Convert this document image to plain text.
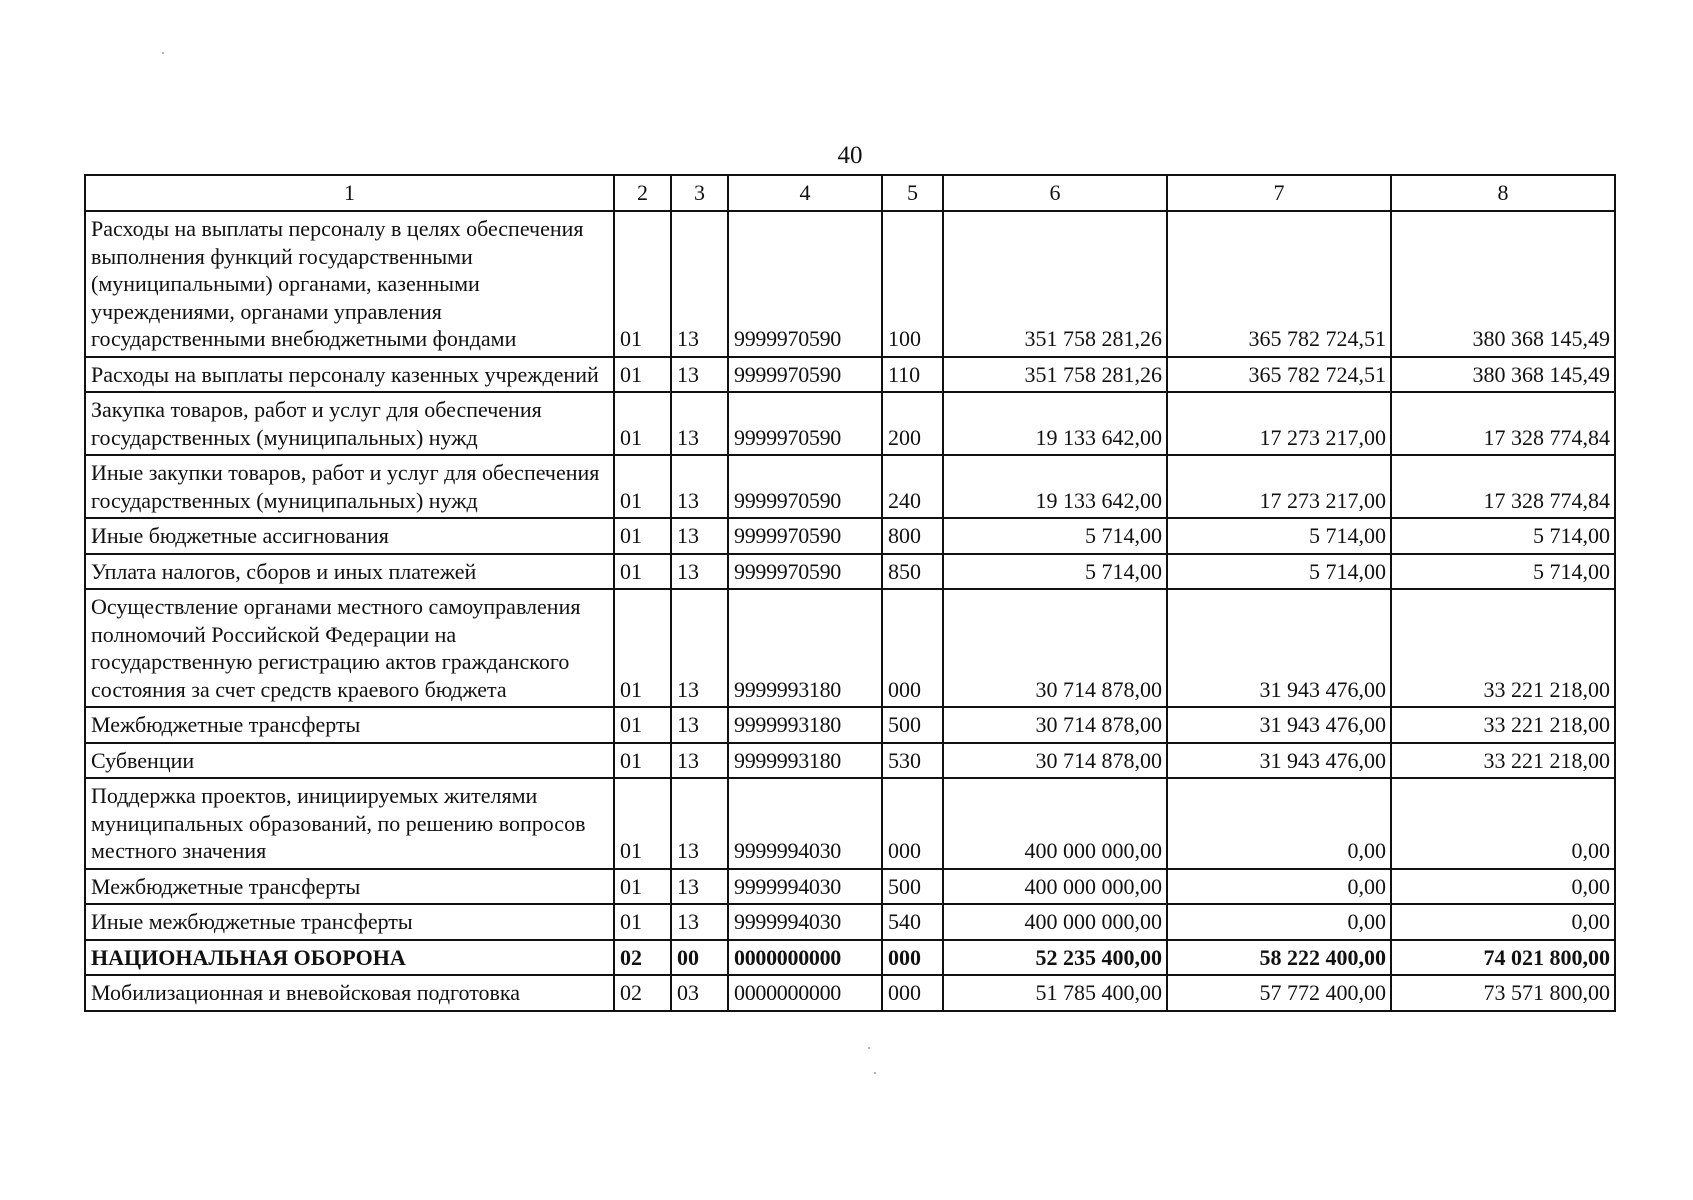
40
1	2	3	4	5	6	7	8
Расходы на выплаты персоналу в целях обеспечения выполнения функций государственными (муниципальными) органами, казенными учреждениями, органами управления государственными внебюджетными фондами	01	13	9999970590	100	351 758 281,26	365 782 724,51	380 368 145,49
Расходы на выплаты персоналу казенных учреждений	01	13	9999970590	110	351 758 281,26	365 782 724,51	380 368 145,49
Закупка товаров, работ и услуг для обеспечения государственных (муниципальных) нужд	01	13	9999970590	200	19 133 642,00	17 273 217,00	17 328 774,84
Иные закупки товаров, работ и услуг для обеспечения государственных (муниципальных) нужд	01	13	9999970590	240	19 133 642,00	17 273 217,00	17 328 774,84
Иные бюджетные ассигнования	01	13	9999970590	800	5 714,00	5 714,00	5 714,00
Уплата налогов, сборов и иных платежей	01	13	9999970590	850	5 714,00	5 714,00	5 714,00
Осуществление органами местного самоуправления полномочий Российской Федерации на государственную регистрацию актов гражданского состояния за счет средств краевого бюджета	01	13	9999993180	000	30 714 878,00	31 943 476,00	33 221 218,00
Межбюджетные трансферты	01	13	9999993180	500	30 714 878,00	31 943 476,00	33 221 218,00
Субвенции	01	13	9999993180	530	30 714 878,00	31 943 476,00	33 221 218,00
Поддержка проектов, инициируемых жителями муниципальных образований, по решению вопросов местного значения	01	13	9999994030	000	400 000 000,00	0,00	0,00
Межбюджетные трансферты	01	13	9999994030	500	400 000 000,00	0,00	0,00
Иные межбюджетные трансферты	01	13	9999994030	540	400 000 000,00	0,00	0,00
НАЦИОНАЛЬНАЯ ОБОРОНА	02	00	0000000000	000	52 235 400,00	58 222 400,00	74 021 800,00
Мобилизационная и вневойсковая подготовка	02	03	0000000000	000	51 785 400,00	57 772 400,00	73 571 800,00
